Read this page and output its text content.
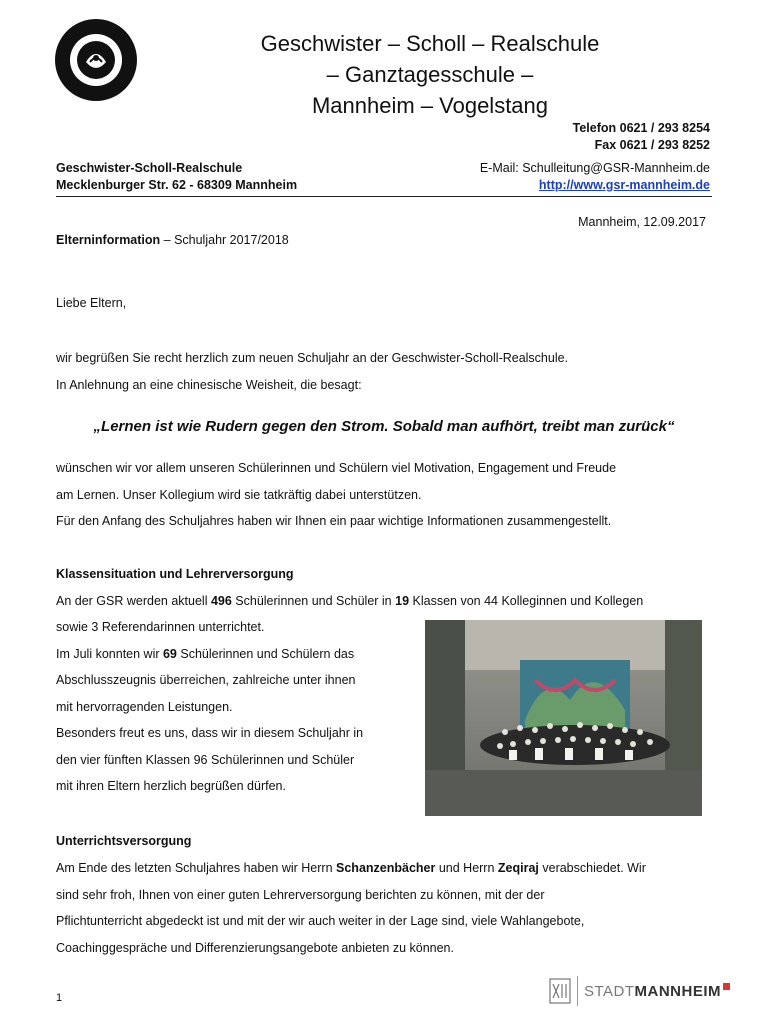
Geschwister – Scholl – Realschule
– Ganztagesschule –
Mannheim – Vogelstang
Telefon 0621 / 293 8254
Fax 0621 / 293 8252
Geschwister-Scholl-Realschule
Mecklenburger Str. 62 - 68309 Mannheim
E-Mail: Schulleitung@GSR-Mannheim.de
http://www.gsr-mannheim.de
Mannheim, 12.09.2017
Elterninformation – Schuljahr 2017/2018
Liebe Eltern,
wir begrüßen Sie recht herzlich zum neuen Schuljahr an der Geschwister-Scholl-Realschule.
In Anlehnung an eine chinesische Weisheit, die besagt:
„Lernen ist wie Rudern gegen den Strom. Sobald man aufhört, treibt man zurück“
wünschen wir vor allem unseren Schülerinnen und Schülern viel Motivation, Engagement und Freude
am Lernen. Unser Kollegium wird sie tatkräftig dabei unterstützen.
Für den Anfang des Schuljahres haben wir Ihnen ein paar wichtige Informationen zusammengestellt.
Klassensituation und Lehrerversorgung
An der GSR werden aktuell 496 Schülerinnen und Schüler in 19 Klassen von 44 Kolleginnen und Kollegen
sowie 3 Referendarinnen unterrichtet.
Im Juli konnten wir 69 Schülerinnen und Schülern das
Abschlusszeugnis überreichen, zahlreiche unter ihnen
mit hervorragenden Leistungen.
Besonders freut es uns, dass wir in diesem Schuljahr in
den vier fünften Klassen 96 Schülerinnen und Schüler
mit ihren Eltern herzlich begrüßen dürfen.
Unterrichtsversorgung
Am Ende des letzten Schuljahres haben wir Herrn Schanzenbächer und Herrn Zeqiraj verabschiedet. Wir
sind sehr froh, Ihnen von einer guten Lehrerversorgung berichten zu können, mit der der
Pflichtunterricht abgedeckt ist und mit der wir auch weiter in der Lage sind, viele Wahlangebote,
Coachinggespräche und Differenzierungsangebote anbieten zu können.
1	STADTMANNHEIM
